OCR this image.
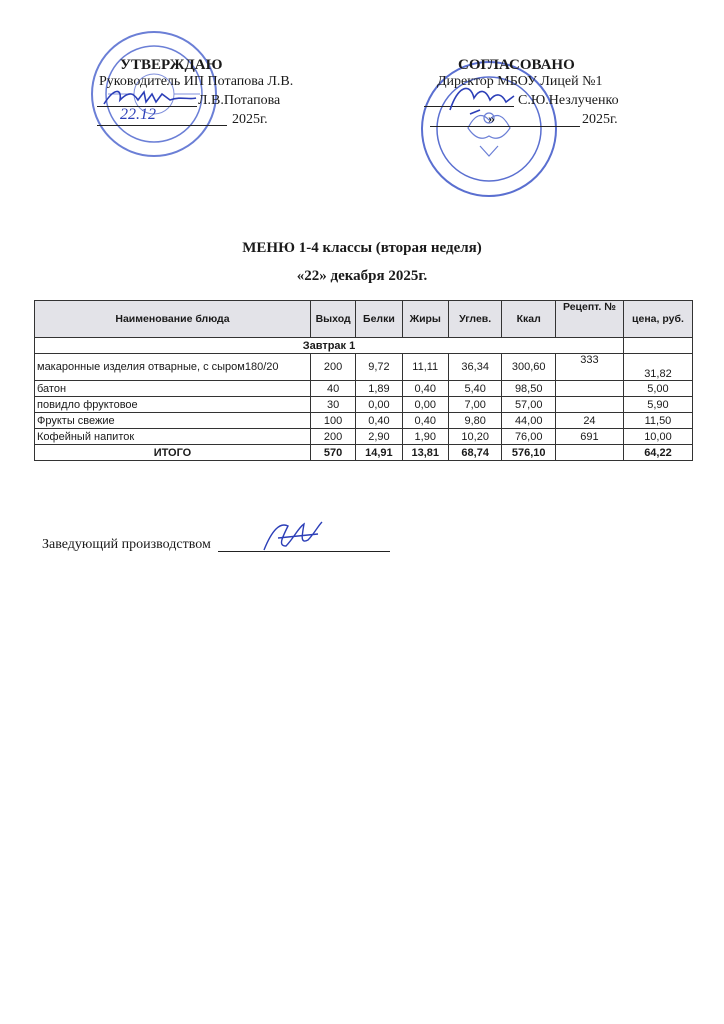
УТВЕРЖДАЮ
Руководитель ИП Потапова Л.В.
Л.В.Потапова
22.12	2025г.
СОГЛАСОВАНО
Директор МБОУ Лицей №1
С.Ю.Незлученко
»	2025г.
МЕНЮ 1-4 классы (вторая неделя)
«22» декабря 2025г.
Наименование блюда	Выход	Белки	Жиры	Углев.	Ккал	Рецепт. №	цена, руб.
Завтрак 1							
макаронные изделия отварные, с сыром180/20	200	9,72	11,11	36,34	300,60	333	31,82
батон	40	1,89	0,40	5,40	98,50		5,00
повидло фруктовое	30	0,00	0,00	7,00	57,00		5,90
Фрукты свежие	100	0,40	0,40	9,80	44,00	24	11,50
Кофейный напиток	200	2,90	1,90	10,20	76,00	691	10,00
ИТОГО	570	14,91	13,81	68,74	576,10		64,22
Заведующий производством
